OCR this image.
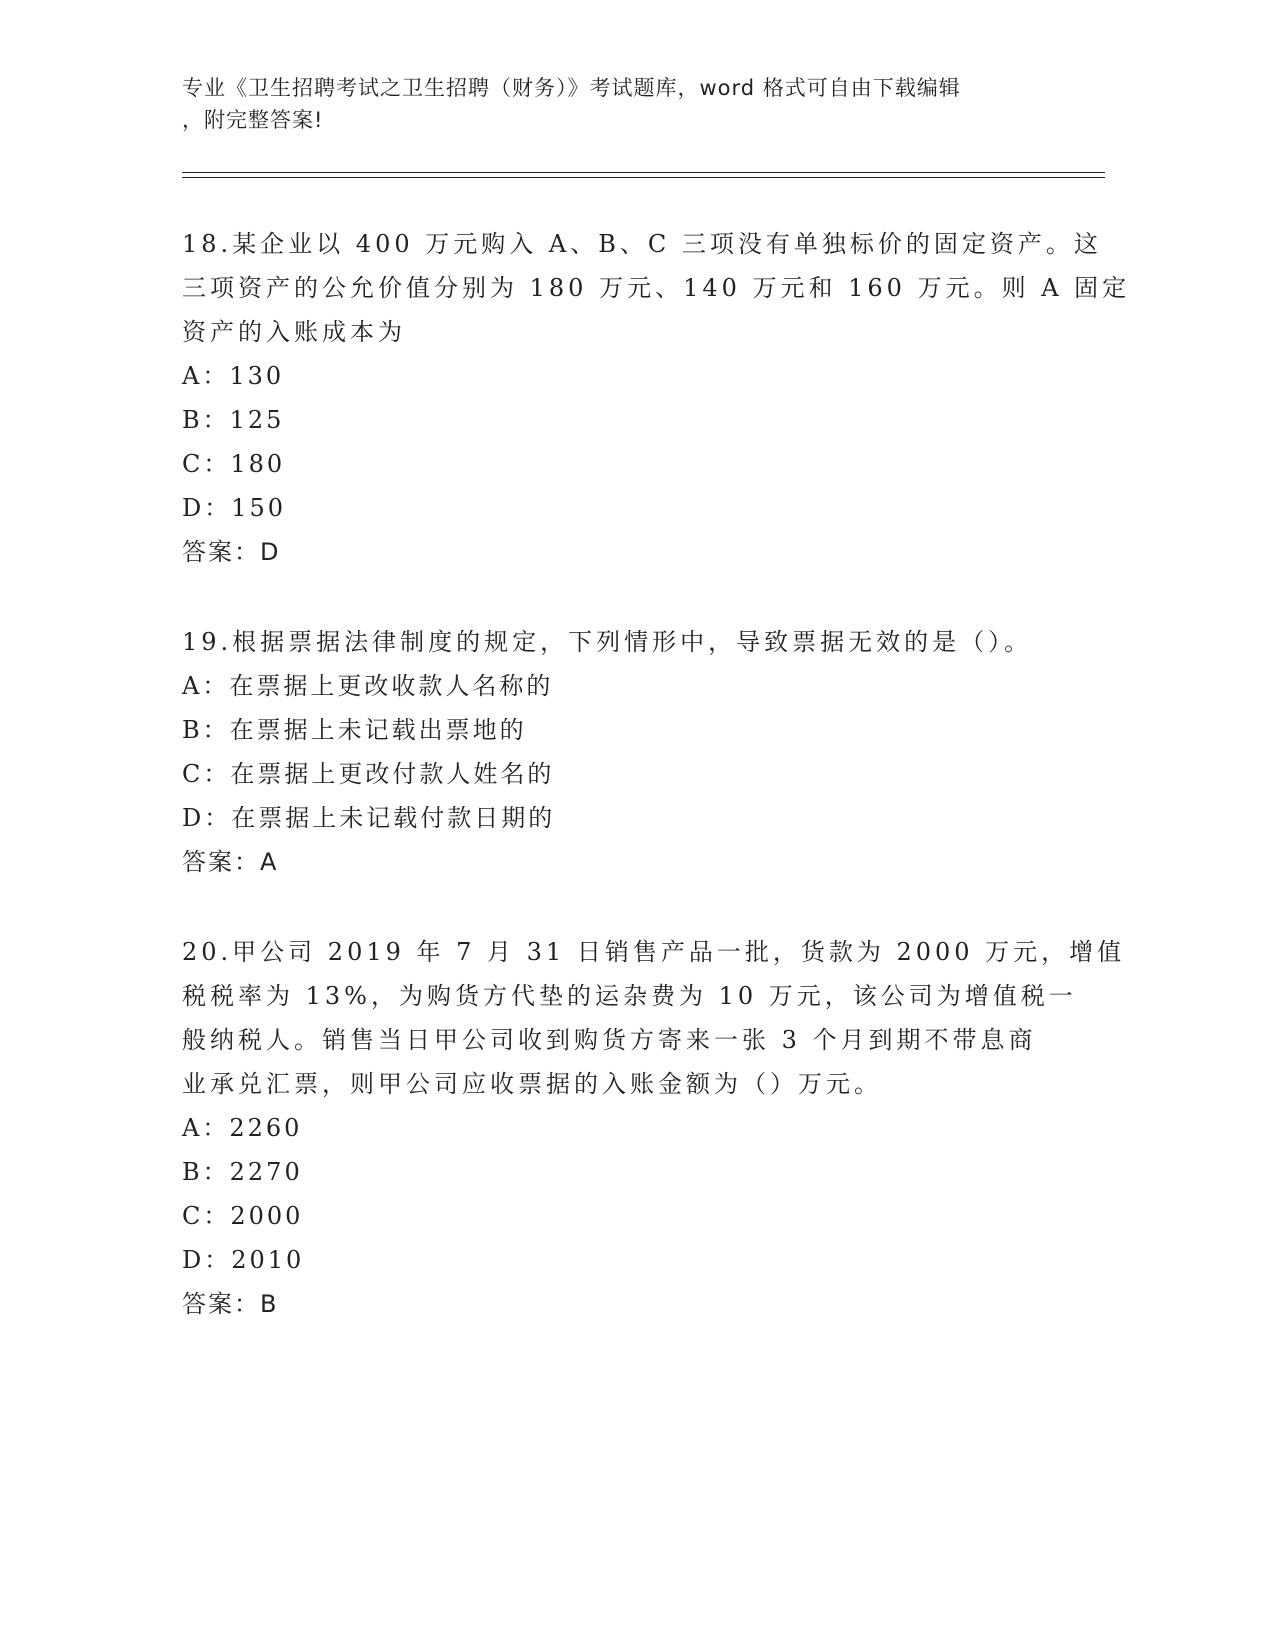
专业《卫生招聘考试之卫生招聘（财务）》考试题库，word 格式可自由下载编辑
，附完整答案!
18.某企业以 400 万元购入 A、B、C 三项没有单独标价的固定资产。这
三项资产的公允价值分别为 180 万元、140 万元和 160 万元。则 A 固定
资产的入账成本为
A：130
B：125
C：180
D：150
答案：D
19.根据票据法律制度的规定，下列情形中，导致票据无效的是（）。
A：在票据上更改收款人名称的
B：在票据上未记载出票地的
C：在票据上更改付款人姓名的
D：在票据上未记载付款日期的
答案：A
20.甲公司 2019 年 7 月 31 日销售产品一批，货款为 2000 万元，增值
税税率为 13%，为购货方代垫的运杂费为 10 万元，该公司为增值税一
般纳税人。销售当日甲公司收到购货方寄来一张 3 个月到期不带息商
业承兑汇票，则甲公司应收票据的入账金额为（）万元。
A：2260
B：2270
C：2000
D：2010
答案：B
